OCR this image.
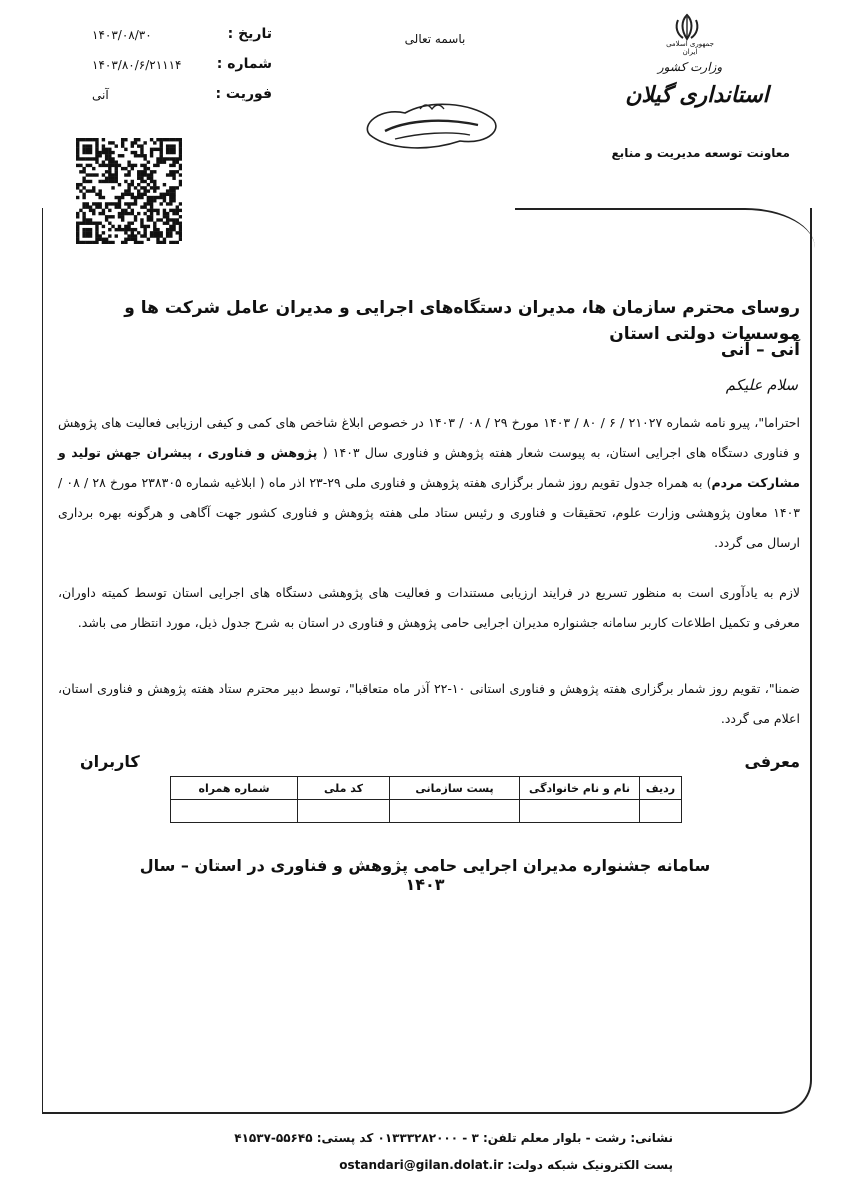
تاریخ :
۱۴۰۳/۰۸/۳۰
شماره :
۱۴۰۳/۸۰/۶/۲۱۱۱۴
فوریت :
آنی
باسمه تعالی	جمهوری اسلامی ایران
وزارت کشور
استانداری گیلان
معاونت توسعه مدیریت و منابع
روسای محترم سازمان ها، مدیران دستگاه‌های اجرایی و مدیران عامل شرکت ها و موسسات دولتی استان
آنی – آنی
سلام علیکم
احتراما"، پیرو نامه شماره ۲۱۰۲۷ / ۶ / ۸۰ / ۱۴۰۳ مورخ ۲۹ / ۰۸ / ۱۴۰۳ در خصوص ابلاغ شاخص های کمی و کیفی ارزیابی فعالیت های پژوهش و فناوری دستگاه های اجرایی استان، به پیوست شعار هفته پژوهش و فناوری سال ۱۴۰۳ ( پژوهش و فناوری ، پیشران جهش تولید و مشارکت مردم) به همراه جدول تقویم روز شمار برگزاری هفته پژوهش و فناوری ملی ۲۹-۲۳ اذر ماه ( ابلاغیه شماره ۲۳۸۳۰۵ مورخ ۲۸ / ۰۸ / ۱۴۰۳ معاون پژوهشی وزارت علوم، تحقیقات و فناوری و رئیس ستاد ملی هفته پژوهش و فناوری کشور جهت آگاهی و هرگونه بهره برداری ارسال می گردد.
لازم به یادآوری است به منظور تسریع در فرایند ارزیابی مستندات و فعالیت های پژوهشی دستگاه های اجرایی استان توسط کمیته داوران، معرفی و تکمیل اطلاعات کاربر سامانه جشنواره مدیران اجرایی حامی پژوهش و فناوری در استان به شرح جدول ذیل، مورد انتظار می باشد.
ضمنا"، تقویم روز شمار برگزاری هفته پژوهش و فناوری استانی ۱۰-۲۲ آذر ماه متعاقبا"، توسط دبیر محترم ستاد هفته پژوهش و فناوری استان، اعلام می گردد.
معرفی
کاربران
ردیف	نام و نام خانوادگی	پست سازمانی	کد ملی	شماره همراه

سامانه جشنواره مدیران اجرایی حامی پژوهش و فناوری در استان – سال ۱۴۰۳
نشانی: رشت - بلوار معلم تلفن: ۳ - ۰۱۳۳۳۲۸۲۰۰۰ کد پستی: ۵۵۶۴۵-۴۱۵۳۷
پست الکترونیک شبکه دولت: ostandari@gilan.dolat.ir
